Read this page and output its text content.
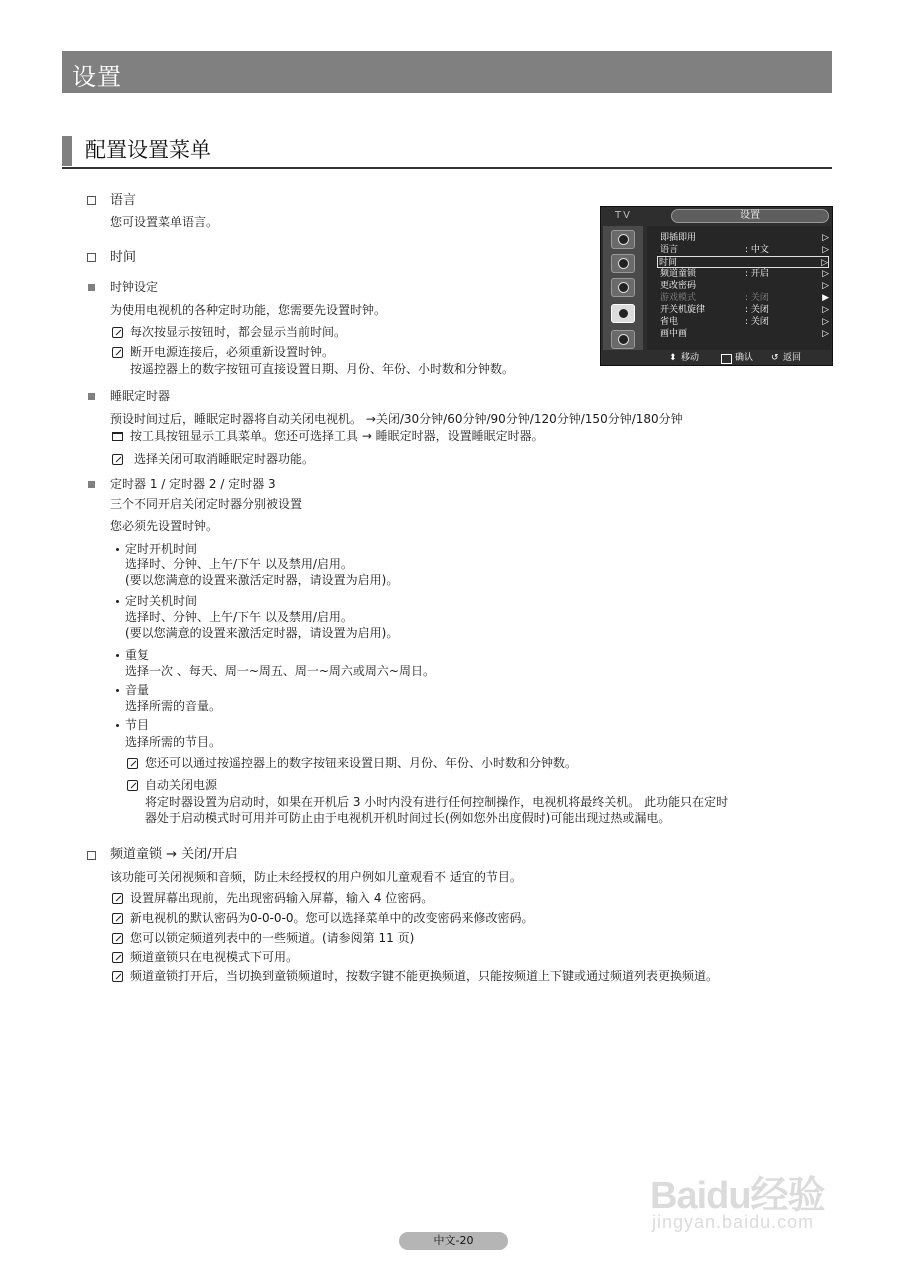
设置
配置设置菜单
语言
您可设置菜单语言。
时间
时钟设定
为使用电视机的各种定时功能，您需要先设置时钟。
每次按显示按钮时，都会显示当前时间。
断开电源连接后，必须重新设置时钟。
按遥控器上的数字按钮可直接设置日期、月份、年份、小时数和分钟数。
睡眠定时器
预设时间过后，睡眠定时器将自动关闭电视机。 →关闭/30分钟/60分钟/90分钟/120分钟/150分钟/180分钟
按工具按钮显示工具菜单。您还可选择工具 → 睡眠定时器，设置睡眠定时器。
选择关闭可取消睡眠定时器功能。
定时器 1 / 定时器 2 / 定时器 3
三个不同开启关闭定时器分别被设置
您必须先设置时钟。
定时开机时间
选择时、分钟、上午/下午 以及禁用/启用。
(要以您满意的设置来激活定时器，请设置为启用)。
定时关机时间
选择时、分钟、上午/下午 以及禁用/启用。
(要以您满意的设置来激活定时器，请设置为启用)。
重复
选择一次 、每天、周一~周五、周一~周六或周六~周日。
音量
选择所需的音量。
节目
选择所需的节目。
您还可以通过按遥控器上的数字按钮来设置日期、月份、年份、小时数和分钟数。
自动关闭电源
将定时器设置为启动时，如果在开机后 3 小时内没有进行任何控制操作，电视机将最终关机。 此功能只在定时
器处于启动模式时可用并可防止由于电视机开机时间过长(例如您外出度假时)可能出现过热或漏电。
频道童锁 → 关闭/开启
该功能可关闭视频和音频，防止未经授权的用户例如儿童观看不 适宜的节目。
设置屏幕出现前，先出现密码输入屏幕，输入 4 位密码。
新电视机的默认密码为0-0-0-0。您可以选择菜单中的改变密码来修改密码。
您可以锁定频道列表中的一些频道。(请参阅第 11 页)
频道童锁只在电视模式下可用。
频道童锁打开后，当切换到童锁频道时，按数字键不能更换频道，只能按频道上下键或通过频道列表更换频道。
TV	设置
即插即用	▷
语言	: 中文	▷
时间	▷
频道童锁	: 开启	▷
更改密码	▷
游戏模式	: 关闭	▶
开关机旋律	: 关闭	▷
省电	: 关闭	▷
画中画	▷
⬍ 移动	确认 ↺ 返回
Baidu经验
jingyan.baidu.com
中文-20
